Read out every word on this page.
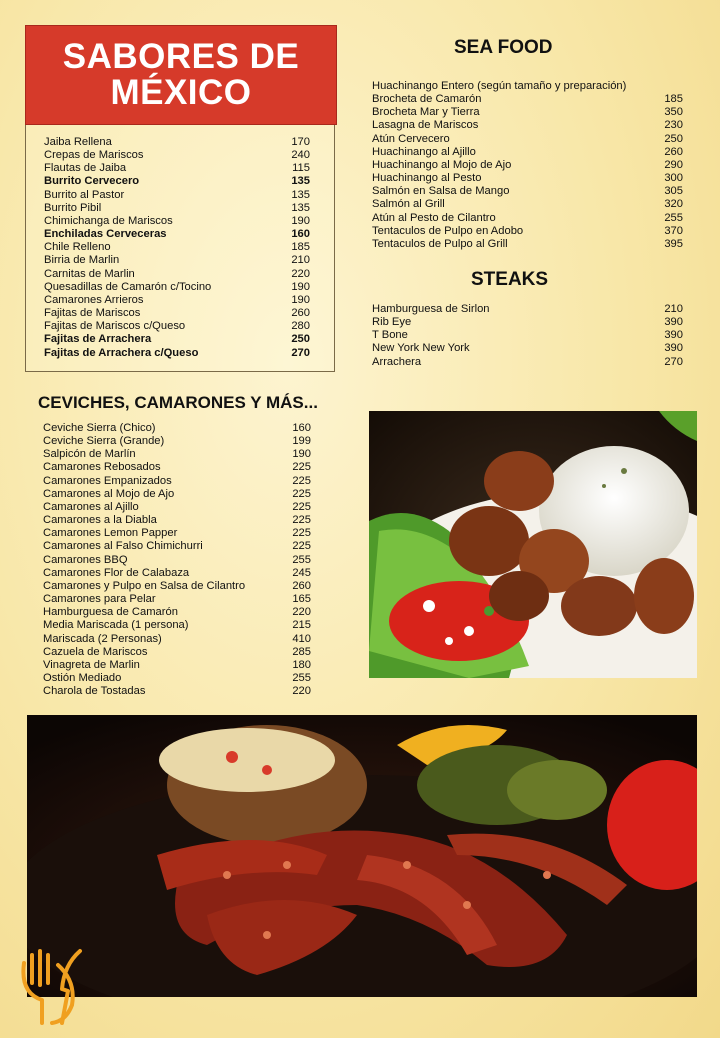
SABORES DE
MÉXICO
Jaiba Rellena	170
Crepas de Mariscos	240
Flautas de Jaiba	115
Burrito Cervecero	135
Burrito al Pastor	135
Burrito Pibil	135
Chimichanga de Mariscos	190
Enchiladas Cerveceras	160
Chile Relleno	185
Birria de Marlin	210
Carnitas de Marlin	220
Quesadillas de Camarón c/Tocino	190
Camarones Arrieros	190
Fajitas de Mariscos	260
Fajitas de Mariscos c/Queso	280
Fajitas de Arrachera	250
Fajitas de Arrachera c/Queso	270
CEVICHES, CAMARONES Y MÁS...
Ceviche Sierra (Chico)	160
Ceviche Sierra (Grande)	199
Salpicón de Marlín	190
Camarones Rebosados	225
Camarones Empanizados	225
Camarones al Mojo de Ajo	225
Camarones al Ajillo	225
Camarones a la Diabla	225
Camarones Lemon Papper	225
Camarones al Falso Chimichurri	225
Camarones BBQ	255
Camarones Flor de Calabaza	245
Camarones y Pulpo en Salsa de Cilantro	260
Camarones para Pelar	165
Hamburguesa de Camarón	220
Media Mariscada (1 persona)	215
Mariscada (2 Personas)	410
Cazuela de Mariscos	285
Vinagreta de Marlin	180
Ostión Mediado	255
Charola de Tostadas	220
SEA FOOD
Huachinango Entero (según tamaño y preparación)
Brocheta de Camarón	185
Brocheta Mar y Tierra	350
Lasagna de Mariscos	230
Atún Cervecero	250
Huachinango al Ajillo	260
Huachinango al Mojo de Ajo	290
Huachinango al Pesto	300
Salmón en Salsa de Mango	305
Salmón al Grill	320
Atún al Pesto de Cilantro	255
Tentaculos de Pulpo en Adobo	370
Tentaculos de Pulpo al Grill	395
STEAKS
Hamburguesa de Sirlon	210
Rib Eye	390
T Bone	390
New York New York	390
Arrachera	270
